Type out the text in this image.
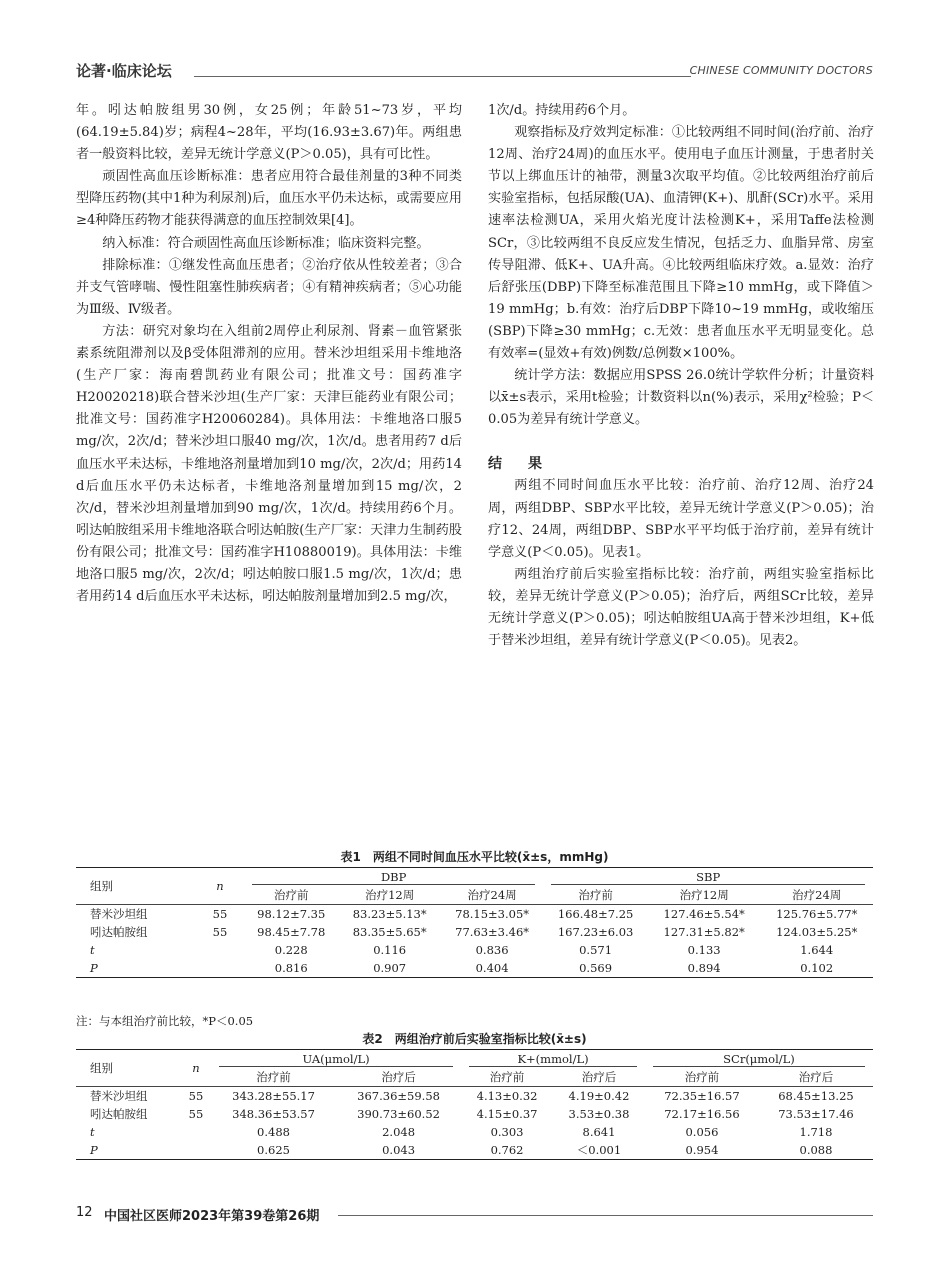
论著·临床论坛	CHINESE COMMUNITY DOCTORS

年。吲达帕胺组男30例，女25例；年龄51~73岁，平均(64.19±5.84)岁；病程4~28年，平均(16.93±3.67)年。两组患者一般资料比较，差异无统计学意义(P＞0.05)，具有可比性。

顽固性高血压诊断标准：患者应用符合最佳剂量的3种不同类型降压药物(其中1种为利尿剂)后，血压水平仍未达标，或需要应用≥4种降压药物才能获得满意的血压控制效果[4]。

纳入标准：符合顽固性高血压诊断标准；临床资料完整。

排除标准：①继发性高血压患者；②治疗依从性较差者；③合并支气管哮喘、慢性阻塞性肺疾病者；④有精神疾病者；⑤心功能为Ⅲ级、Ⅳ级者。

方法：研究对象均在入组前2周停止利尿剂、肾素－血管紧张素系统阻滞剂以及β受体阻滞剂的应用。替米沙坦组采用卡维地洛(生产厂家：海南碧凯药业有限公司；批准文号：国药准字H20020218)联合替米沙坦(生产厂家：天津巨能药业有限公司；批准文号：国药准字H20060284)。具体用法：卡维地洛口服5 mg/次，2次/d；替米沙坦口服40 mg/次，1次/d。患者用药7 d后血压水平未达标，卡维地洛剂量增加到10 mg/次，2次/d；用药14 d后血压水平仍未达标者，卡维地洛剂量增加到15 mg/次，2次/d，替米沙坦剂量增加到90 mg/次，1次/d。持续用药6个月。吲达帕胺组采用卡维地洛联合吲达帕胺(生产厂家：天津力生制药股份有限公司；批准文号：国药准字H10880019)。具体用法：卡维地洛口服5 mg/次，2次/d；吲达帕胺口服1.5 mg/次，1次/d；患者用药14 d后血压水平未达标，吲达帕胺剂量增加到2.5 mg/次，

1次/d。持续用药6个月。

观察指标及疗效判定标准：①比较两组不同时间(治疗前、治疗12周、治疗24周)的血压水平。使用电子血压计测量，于患者肘关节以上绑血压计的袖带，测量3次取平均值。②比较两组治疗前后实验室指标，包括尿酸(UA)、血清钾(K+)、肌酐(SCr)水平。采用速率法检测UA，采用火焰光度计法检测K+，采用Taffe法检测SCr，③比较两组不良反应发生情况，包括乏力、血脂异常、房室传导阻滞、低K+、UA升高。④比较两组临床疗效。a.显效：治疗后舒张压(DBP)下降至标准范围且下降≥10 mmHg，或下降值＞19 mmHg；b.有效：治疗后DBP下降10~19 mmHg，或收缩压(SBP)下降≥30 mmHg；c.无效：患者血压水平无明显变化。总有效率=(显效+有效)例数/总例数×100%。

统计学方法：数据应用SPSS 26.0统计学软件分析；计量资料以x̄±s表示，采用t检验；计数资料以n(%)表示，采用χ²检验；P＜0.05为差异有统计学意义。

结　果

两组不同时间血压水平比较：治疗前、治疗12周、治疗24周，两组DBP、SBP水平比较，差异无统计学意义(P＞0.05)；治疗12、24周，两组DBP、SBP水平平均低于治疗前，差异有统计学意义(P＜0.05)。见表1。

两组治疗前后实验室指标比较：治疗前，两组实验室指标比较，差异无统计学意义(P＞0.05)；治疗后，两组SCr比较，差异无统计学意义(P＞0.05)；吲达帕胺组UA高于替米沙坦组，K+低于替米沙坦组，差异有统计学意义(P＜0.05)。见表2。

表1　两组不同时间血压水平比较(x̄±s，mmHg)
组别	n	DBP			SBP		

		治疗前	治疗12周	治疗24周	治疗前	治疗12周	治疗24周
替米沙坦组	55	98.12±7.35	83.23±5.13*	78.15±3.05*	166.48±7.25	127.46±5.54*	125.76±5.77*
吲达帕胺组	55	98.45±7.78	83.35±5.65*	77.63±3.46*	167.23±6.03	127.31±5.82*	124.03±5.25*
t		0.228	0.116	0.836	0.571	0.133	1.644
P		0.816	0.907	0.404	0.569	0.894	0.102
注：与本组治疗前比较，*P＜0.05
表2　两组治疗前后实验室指标比较(x̄±s)
组别	n	UA(μmol/L)		K+(mmol/L)		SCr(μmol/L)	

		治疗前	治疗后	治疗前	治疗后	治疗前	治疗后
替米沙坦组	55	343.28±55.17	367.36±59.58	4.13±0.32	4.19±0.42	72.35±16.57	68.45±13.25
吲达帕胺组	55	348.36±53.57	390.73±60.52	4.15±0.37	3.53±0.38	72.17±16.56	73.53±17.46
t		0.488	2.048	0.303	8.641	0.056	1.718
P		0.625	0.043	0.762	＜0.001	0.954	0.088
12 中国社区医师2023年第39卷第26期
